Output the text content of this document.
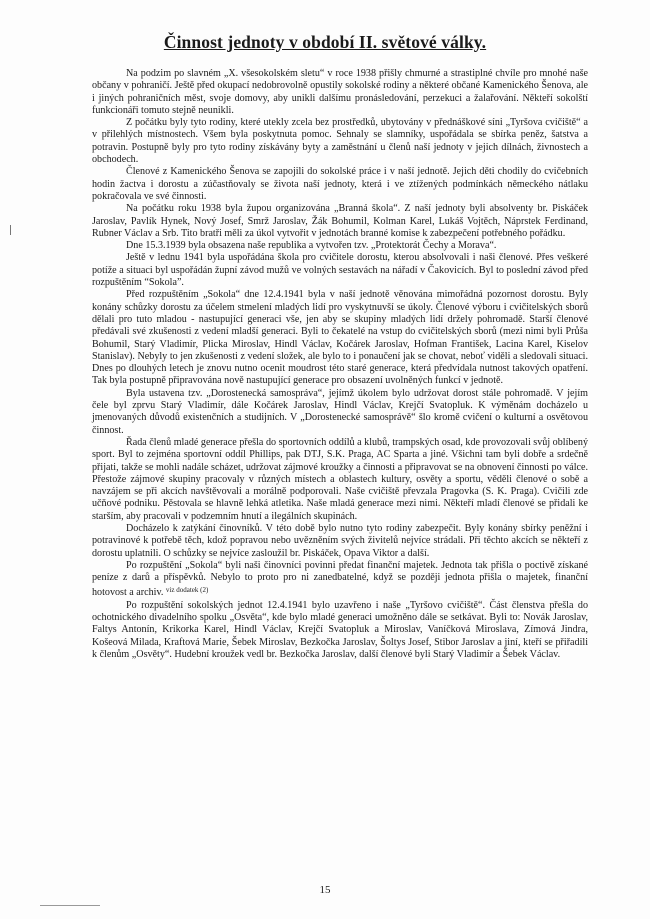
Činnost jednoty v období II. světové války.

Na podzim po slavném „X. všesokolském sletu“ v roce 1938 přišly chmurné a strastiplné chvíle pro mnohé naše občany v pohraničí. Ještě před okupací nedobrovolně opustily sokolské rodiny a některé občané Kamenického Šenova, ale i jiných pohraničních měst, svoje domovy, aby unikli dalšímu pronásledování, perzekuci a žalařování. Někteří sokolští funkcionáři tomuto stejně neunikli.

Z počátku byly tyto rodiny, které utekly zcela bez prostředků, ubytovány v přednáškové síni „Tyršova cvičiště“ a v přilehlých místnostech. Všem byla poskytnuta pomoc. Sehnaly se slamníky, uspořádala se sbírka peněz, šatstva a potravin. Postupně byly pro tyto rodiny získávány byty a zaměstnání u členů naší jednoty v jejich dílnách, živnostech a obchodech.

Členové z Kamenického Šenova se zapojili do sokolské práce i v naší jednotě. Jejich děti chodily do cvičebních hodin žactva i dorostu a zúčastňovaly se života naší jednoty, která i ve ztížených podmínkách německého nátlaku pokračovala ve své činnosti.

Na počátku roku 1938 byla župou organizována „Branná škola“. Z naší jednoty byli absolventy br. Piskáček Jaroslav, Pavlík Hynek, Nový Josef, Smrž Jaroslav, Žák Bohumil, Kolman Karel, Lukáš Vojtěch, Náprstek Ferdinand, Rubner Václav a Srb. Tito bratři měli za úkol vytvořit v jednotách branné komise k zabezpečení potřebného pořádku.

Dne 15.3.1939 byla obsazena naše republika a vytvořen tzv. „Protektorát Čechy a Morava“.

Ještě v lednu 1941 byla uspořádána škola pro cvičitele dorostu, kterou absolvovali i naši členové. Přes veškeré potíže a situaci byl uspořádán župní závod mužů ve volných sestavách na nářadí v Čakovicích. Byl to poslední závod před rozpuštěním “Sokola”.

Před rozpuštěním „Sokola“ dne 12.4.1941 byla v naší jednotě věnována mimořádná pozornost dorostu. Byly konány schůzky dorostu za účelem stmelení mladých lidí pro vyskytnuvší se úkoly. Členové výboru i cvičitelských sborů dělali pro tuto mladou - nastupující generaci vše, jen aby se skupiny mladých lidí držely pohromadě. Starší členové předávali své zkušenosti z vedení mladší generaci. Byli to čekatelé na vstup do cvičitelských sborů (mezi nimi byli Průša Bohumil, Starý Vladimír, Plicka Miroslav, Hindl Václav, Kočárek Jaroslav, Hofman František, Lacina Karel, Kiselov Stanislav). Nebyly to jen zkušenosti z vedení složek, ale bylo to i ponaučení jak se chovat, neboť viděli a sledovali situaci. Dnes po dlouhých letech je znovu nutno ocenit moudrost této staré generace, která předvídala nutnost takových opatření. Tak byla postupně připravována nově nastupující generace pro obsazení uvolněných funkcí v jednotě.

Byla ustavena tzv. „Dorostenecká samospráva“, jejímž úkolem bylo udržovat dorost stále pohromadě. V jejím čele byl zprvu Starý Vladimír, dále Kočárek Jaroslav, Hindl Václav, Krejčí Svatopluk. K výměnám docházelo u jmenovaných důvodů existenčních a studijních. V „Dorostenecké samosprávě“ šlo kromě cvičení o kulturní a osvětovou činnost.

Řada členů mladé generace přešla do sportovních oddílů a klubů, trampských osad, kde provozovali svůj oblíbený sport. Byl to zejména sportovní oddíl Phillips, pak DTJ, S.K. Praga, AC Sparta a jiné. Všichni tam byli dobře a srdečně přijati, takže se mohli nadále scházet, udržovat zájmové kroužky a činnosti a připravovat se na obnovení činnosti po válce. Přestože zájmové skupiny pracovaly v různých místech a oblastech kultury, osvěty a sportu, věděli členové o sobě a navzájem se při akcích navštěvovali a morálně podporovali. Naše cvičiště převzala Pragovka (S. K. Praga). Cvičili zde učňové podniku. Pěstovala se hlavně lehká atletika. Naše mladá generace mezi nimi. Někteří mladí členové se přidali ke starším, aby pracovali v podzemním hnutí a ilegálních skupinách.

Docházelo k zatýkání činovníků. V této době bylo nutno tyto rodiny zabezpečit. Byly konány sbírky peněžní i potravinové k potřebě těch, kdož popravou nebo uvězněním svých živitelů nejvíce strádali. Při těchto akcích se někteří z dorostu uplatnili. O schůzky se nejvíce zasloužil br. Piskáček, Opava Viktor a další.

Po rozpuštění „Sokola“ byli naši činovníci povinni předat finanční majetek. Jednota tak přišla o poctivě získané peníze z darů a příspěvků. Nebylo to proto pro ni zanedbatelné, když se později jednota přišla o majetek, finanční hotovost a archiv. $^{viz dodatek (2)}$

Po rozpuštění sokolských jednot 12.4.1941 bylo uzavřeno i naše „Tyršovo cvičiště“. Část členstva přešla do ochotnického divadelního spolku „Osvěta“, kde bylo mladé generaci umožněno dále se setkávat. Byli to: Novák Jaroslav, Faltys Antonín, Krikorka Karel, Hindl Václav, Krejčí Svatopluk a Miroslav, Vaníčková Miroslava, Zímová Jindra, Košeová Milada, Kraftová Marie, Šebek Miroslav, Bezkočka Jaroslav, Šoltys Josef, Stibor Jaroslav a jiní, kteří se přiřadili k členům „Osvěty“. Hudební kroužek vedl br. Bezkočka Jaroslav, další členové byli Starý Vladimír a Šebek Václav.

15
